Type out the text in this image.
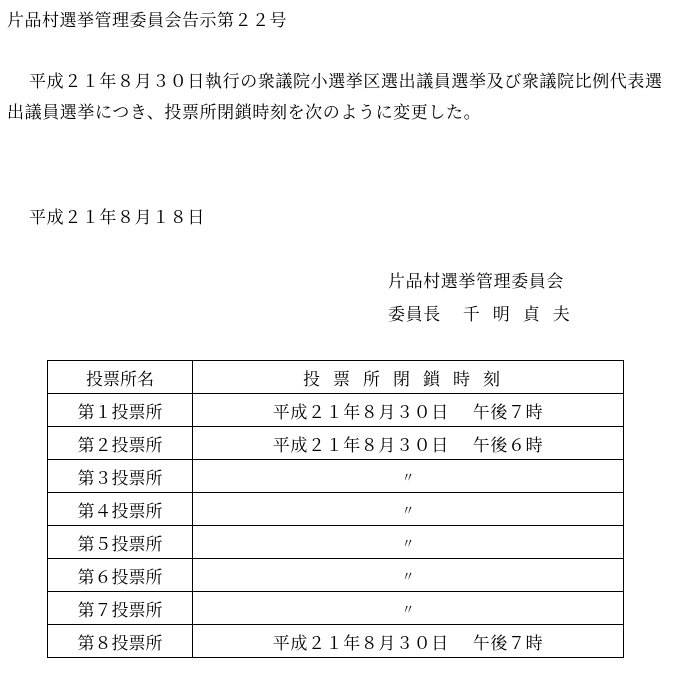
片品村選挙管理委員会告示第２２号
平成２１年８月３０日執行の衆議院小選挙区選出議員選挙及び衆議院比例代表選出議員選挙につき、投票所閉鎖時刻を次のように変更した。
平成２１年８月１８日
片品村選挙管理委員会
委員長 千明貞夫
投票所名	投票所閉鎖時刻
第１投票所	平成２１年８月３０日 午後７時
第２投票所	平成２１年８月３０日 午後６時
第３投票所	〃
第４投票所	〃
第５投票所	〃
第６投票所	〃
第７投票所	〃
第８投票所	平成２１年８月３０日 午後７時
